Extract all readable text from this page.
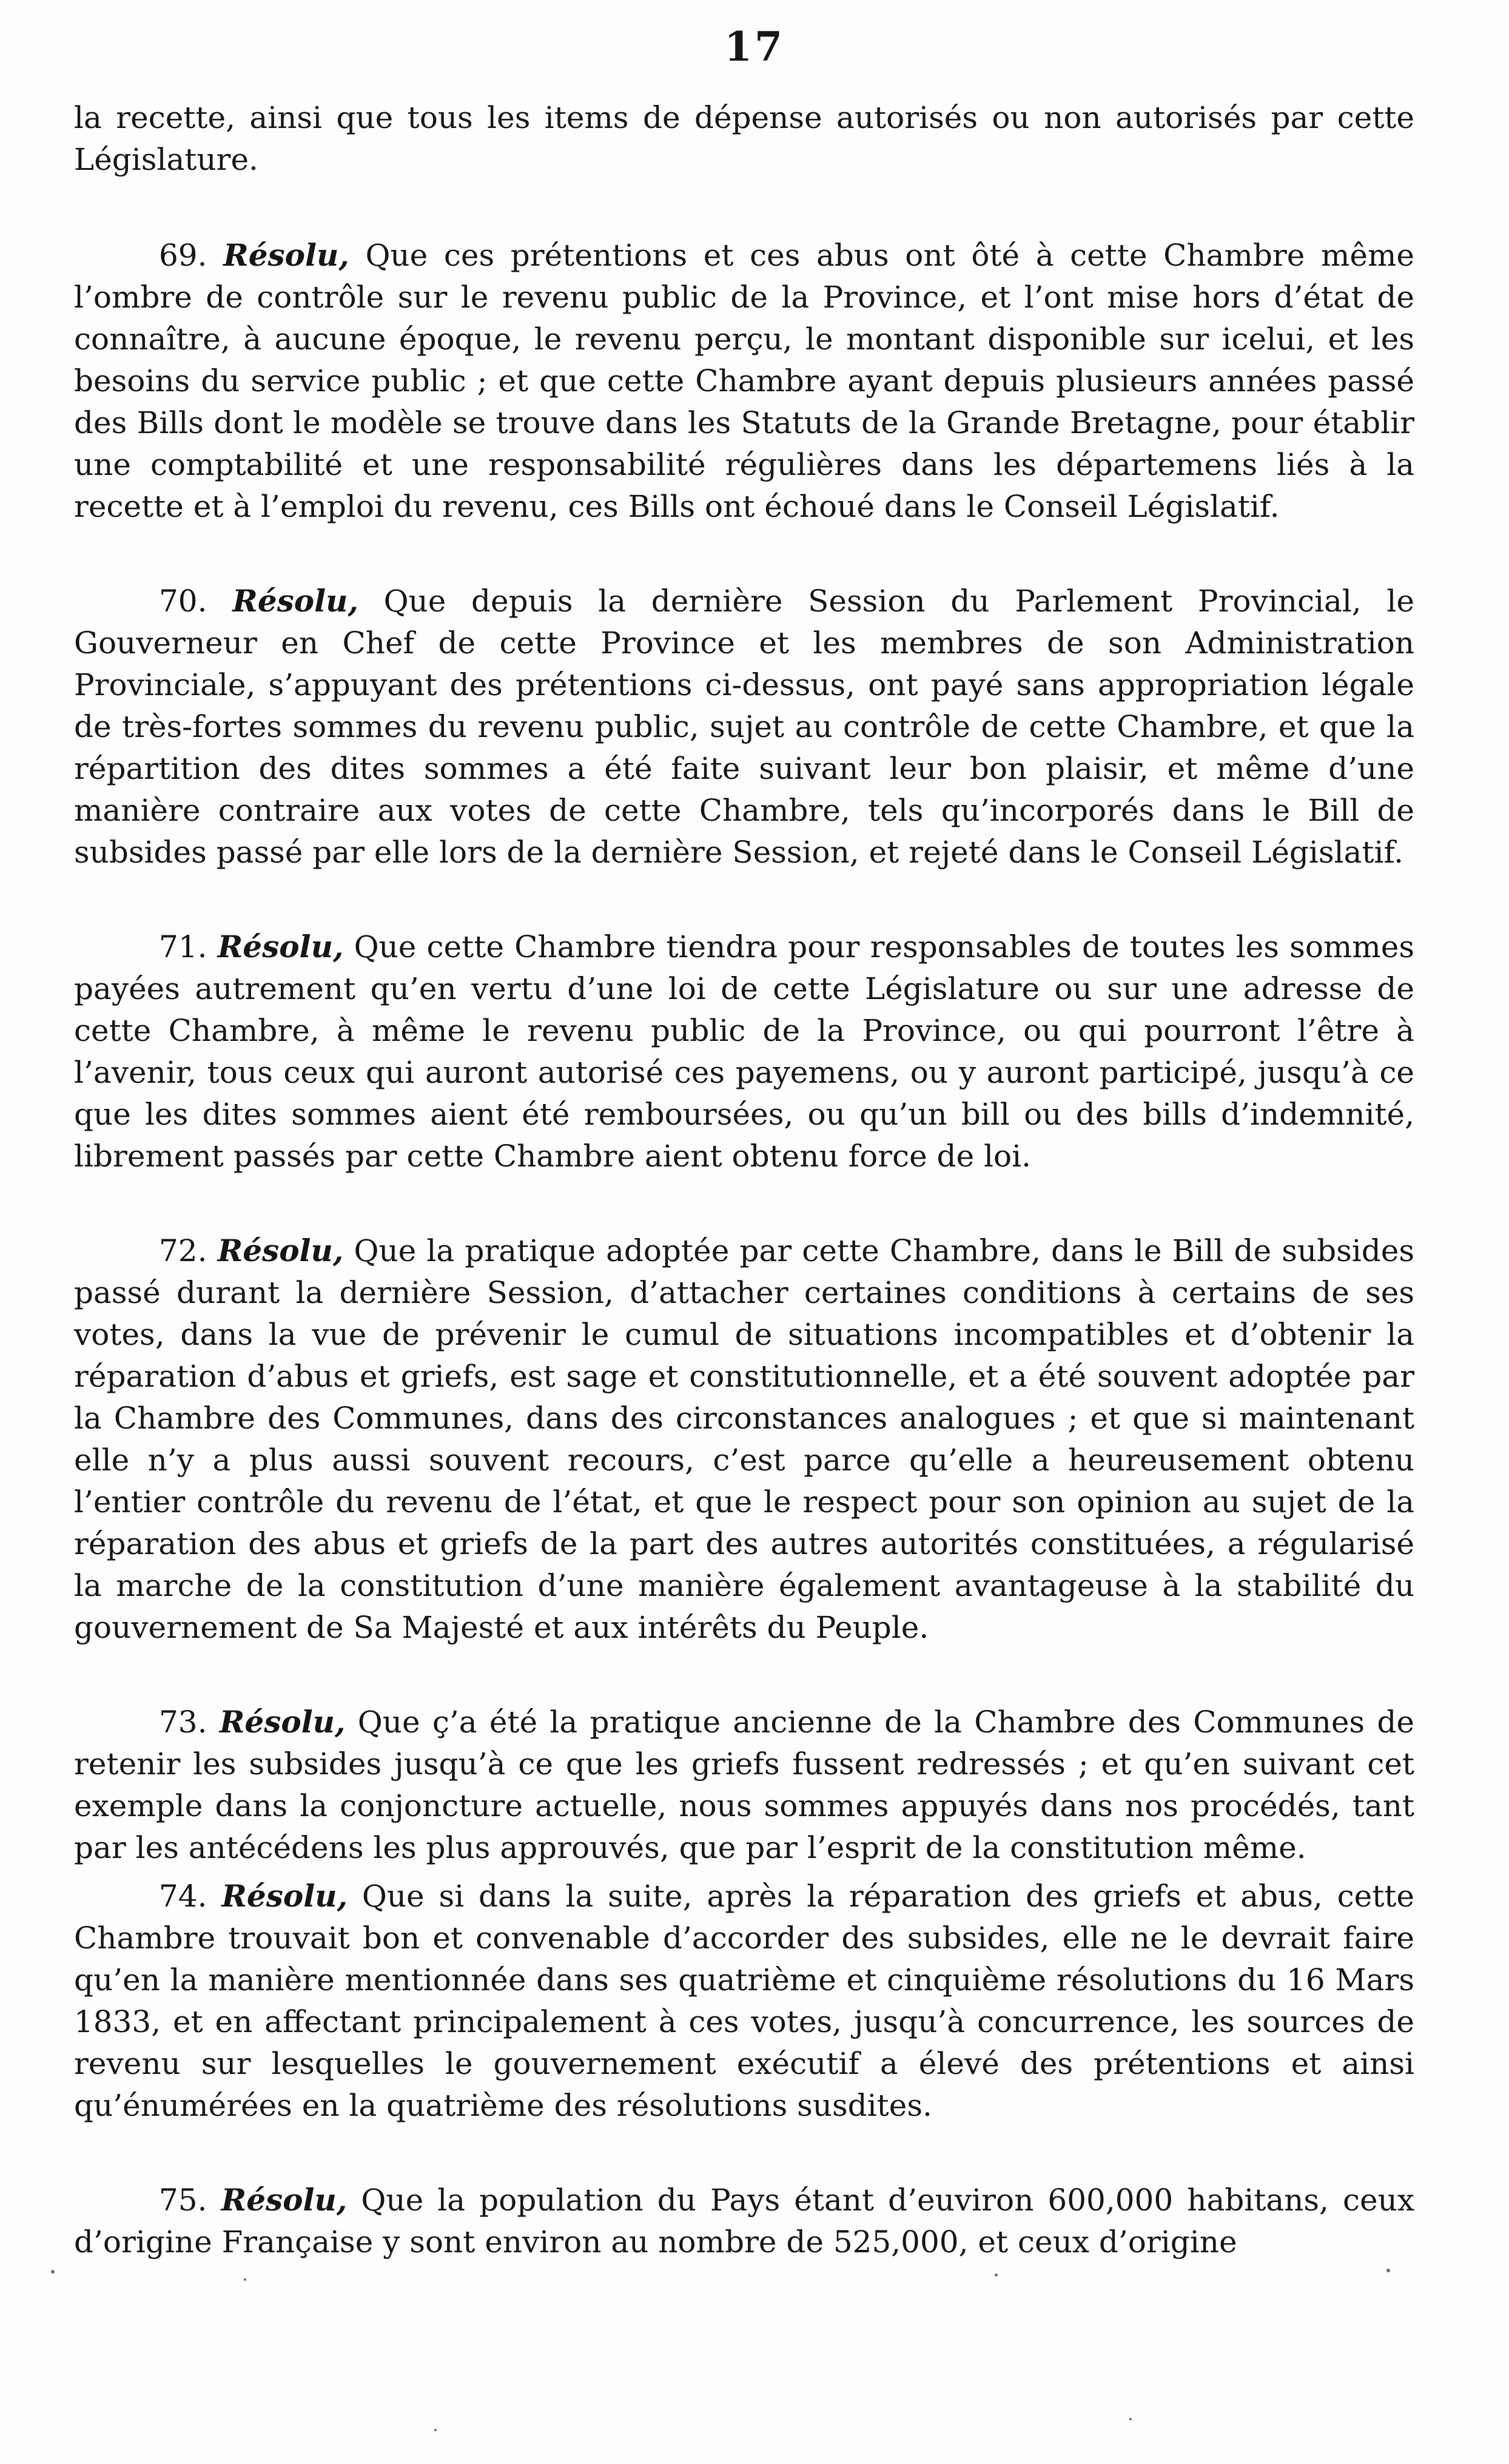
17

la recette, ainsi que tous les items de dépense autorisés ou non autorisés par cette Législature.

69. Résolu, Que ces prétentions et ces abus ont ôté à cette Chambre même l’ombre de contrôle sur le revenu public de la Province, et l’ont mise hors d’état de connaître, à aucune époque, le revenu perçu, le montant disponible sur icelui, et les besoins du service public ; et que cette Chambre ayant depuis plusieurs années passé des Bills dont le modèle se trouve dans les Statuts de la Grande Bretagne, pour établir une comptabilité et une responsabilité régulières dans les départemens liés à la recette et à l’emploi du revenu, ces Bills ont échoué dans le Conseil Législatif.

70. Résolu, Que depuis la dernière Session du Parlement Provincial, le Gouverneur en Chef de cette Province et les membres de son Administration Provinciale, s’appuyant des prétentions ci-dessus, ont payé sans appropriation légale de très-fortes sommes du revenu public, sujet au contrôle de cette Chambre, et que la répartition des dites sommes a été faite suivant leur bon plaisir, et même d’une manière contraire aux votes de cette Chambre, tels qu’incorporés dans le Bill de subsides passé par elle lors de la dernière Session, et rejeté dans le Conseil Législatif.

71. Résolu, Que cette Chambre tiendra pour responsables de toutes les sommes payées autrement qu’en vertu d’une loi de cette Législature ou sur une adresse de cette Chambre, à même le revenu public de la Province, ou qui pourront l’être à l’avenir, tous ceux qui auront autorisé ces payemens, ou y auront participé, jusqu’à ce que les dites sommes aient été remboursées, ou qu’un bill ou des bills d’indemnité, librement passés par cette Chambre aient obtenu force de loi.

72. Résolu, Que la pratique adoptée par cette Chambre, dans le Bill de subsides passé durant la dernière Session, d’attacher certaines conditions à certains de ses votes, dans la vue de prévenir le cumul de situations incompatibles et d’obtenir la réparation d’abus et griefs, est sage et constitutionnelle, et a été souvent adoptée par la Chambre des Communes, dans des circonstances analogues ; et que si maintenant elle n’y a plus aussi souvent recours, c’est parce qu’elle a heureusement obtenu l’entier contrôle du revenu de l’état, et que le respect pour son opinion au sujet de la réparation des abus et griefs de la part des autres autorités constituées, a régularisé la marche de la constitution d’une manière également avantageuse à la stabilité du gouvernement de Sa Majesté et aux intérêts du Peuple.

73. Résolu, Que ç’a été la pratique ancienne de la Chambre des Communes de retenir les subsides jusqu’à ce que les griefs fussent redressés ; et qu’en suivant cet exemple dans la conjoncture actuelle, nous sommes appuyés dans nos procédés, tant par les antécédens les plus approuvés, que par l’esprit de la constitution même.

74. Résolu, Que si dans la suite, après la réparation des griefs et abus, cette Chambre trouvait bon et convenable d’accorder des subsides, elle ne le devrait faire qu’en la manière mentionnée dans ses quatrième et cinquième résolutions du 16 Mars 1833, et en affectant principalement à ces votes, jusqu’à concurrence, les sources de revenu sur lesquelles le gouvernement exécutif a élevé des prétentions et ainsi qu’énumérées en la quatrième des résolutions susdites.

75. Résolu, Que la population du Pays étant d’euviron 600,000 habitans, ceux d’origine Française y sont environ au nombre de 525,000, et ceux d’origine
